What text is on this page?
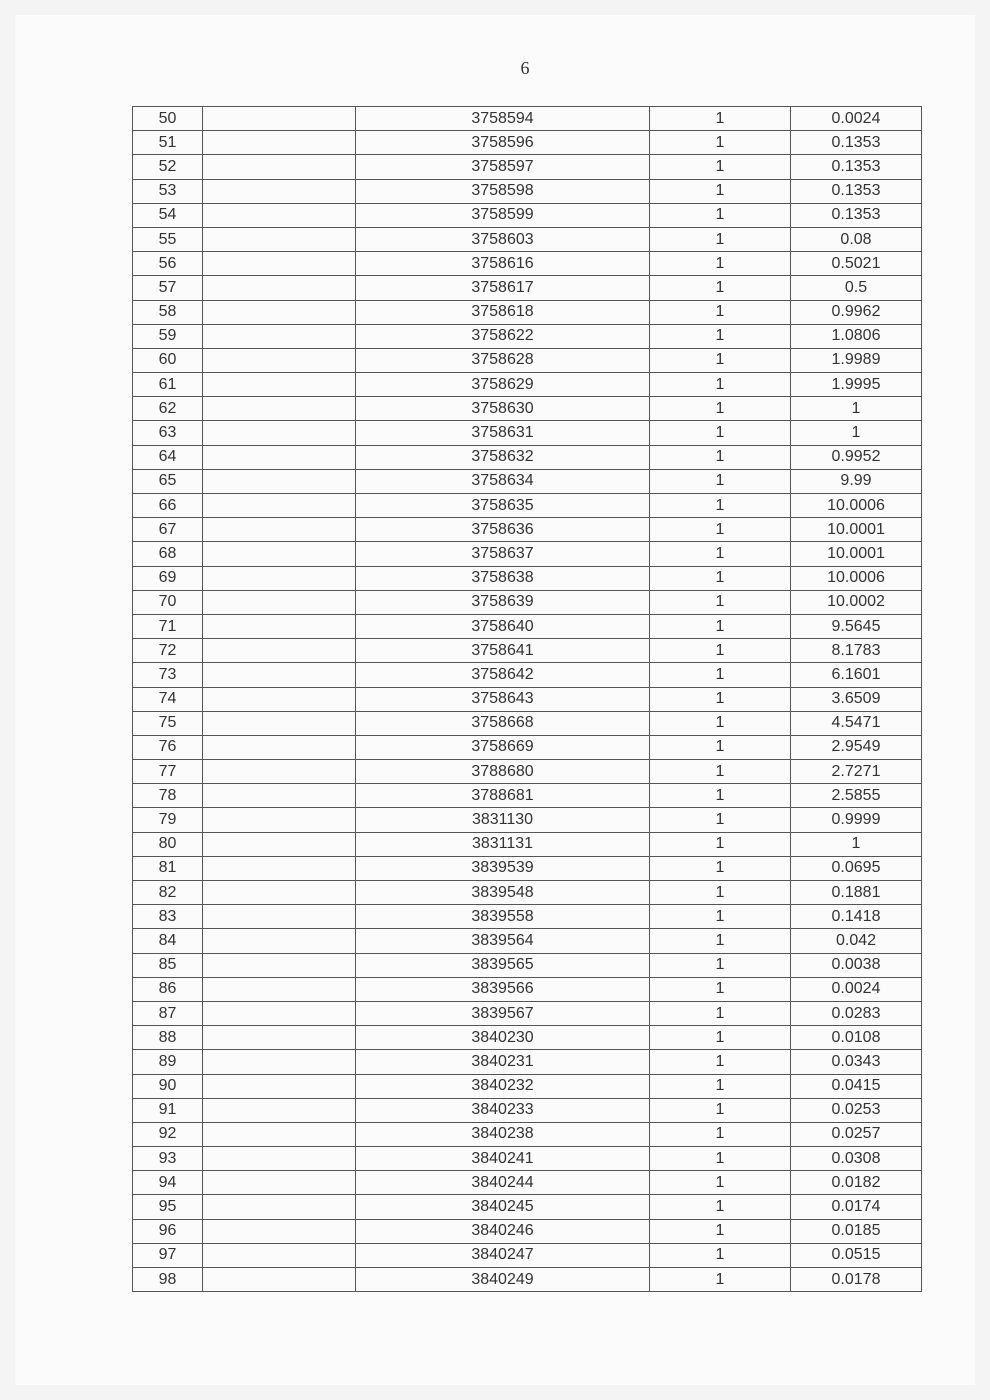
6
50		3758594	1	0.0024
51		3758596	1	0.1353
52		3758597	1	0.1353
53		3758598	1	0.1353
54		3758599	1	0.1353
55		3758603	1	0.08
56		3758616	1	0.5021
57		3758617	1	0.5
58		3758618	1	0.9962
59		3758622	1	1.0806
60		3758628	1	1.9989
61		3758629	1	1.9995
62		3758630	1	1
63		3758631	1	1
64		3758632	1	0.9952
65		3758634	1	9.99
66		3758635	1	10.0006
67		3758636	1	10.0001
68		3758637	1	10.0001
69		3758638	1	10.0006
70		3758639	1	10.0002
71		3758640	1	9.5645
72		3758641	1	8.1783
73		3758642	1	6.1601
74		3758643	1	3.6509
75		3758668	1	4.5471
76		3758669	1	2.9549
77		3788680	1	2.7271
78		3788681	1	2.5855
79		3831130	1	0.9999
80		3831131	1	1
81		3839539	1	0.0695
82		3839548	1	0.1881
83		3839558	1	0.1418
84		3839564	1	0.042
85		3839565	1	0.0038
86		3839566	1	0.0024
87		3839567	1	0.0283
88		3840230	1	0.0108
89		3840231	1	0.0343
90		3840232	1	0.0415
91		3840233	1	0.0253
92		3840238	1	0.0257
93		3840241	1	0.0308
94		3840244	1	0.0182
95		3840245	1	0.0174
96		3840246	1	0.0185
97		3840247	1	0.0515
98		3840249	1	0.0178
